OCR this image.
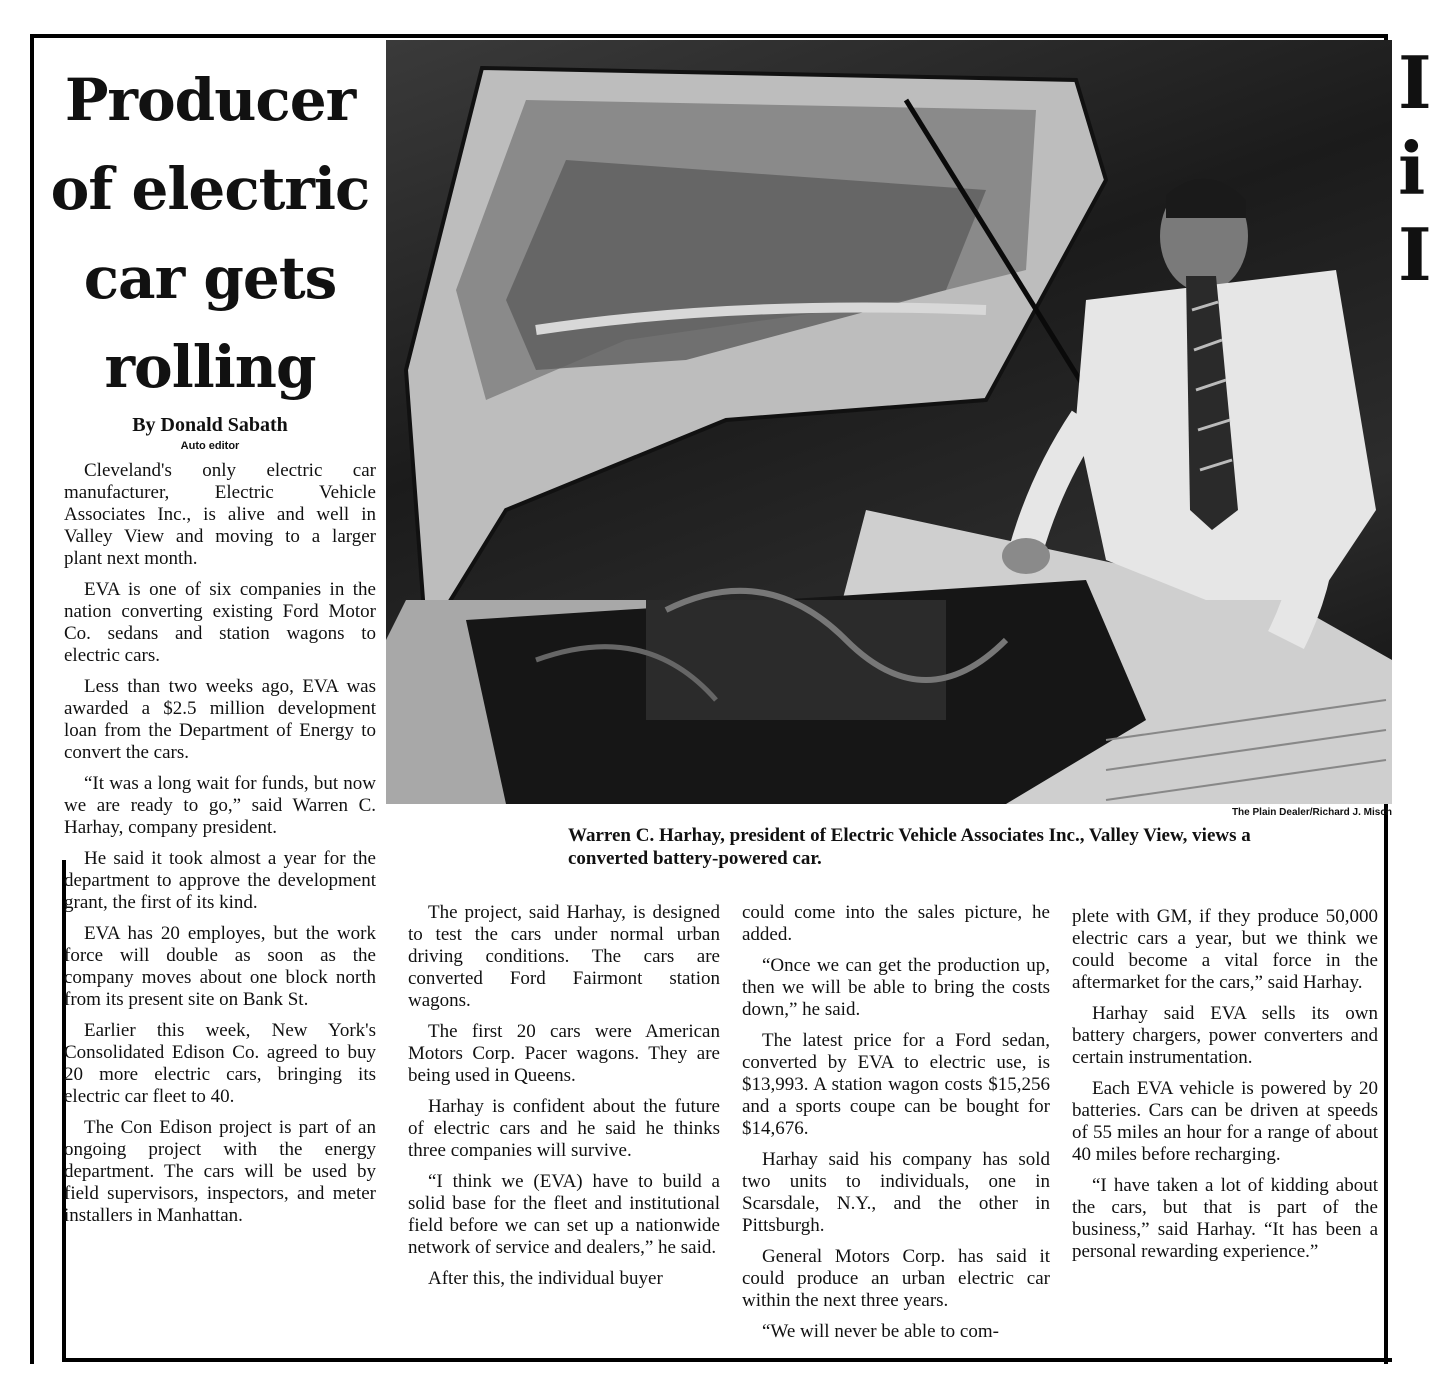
I
i
I
Producer of electric car gets rolling
By Donald Sabath
Auto editor
The Plain Dealer/Richard J. Misch
Warren C. Harhay, president of Electric Vehicle Associates Inc., Valley View, views a converted battery-powered car.

Cleveland's only electric car manufacturer, Electric Vehicle Associates Inc., is alive and well in Valley View and moving to a larger plant next month.

EVA is one of six companies in the nation converting existing Ford Motor Co. sedans and station wagons to electric cars.

Less than two weeks ago, EVA was awarded a $2.5 million development loan from the Department of Energy to convert the cars.

“It was a long wait for funds, but now we are ready to go,” said Warren C. Harhay, company president.

He said it took almost a year for the department to approve the development grant, the first of its kind.

EVA has 20 employes, but the work force will double as soon as the company moves about one block north from its present site on Bank St.

Earlier this week, New York's Consolidated Edison Co. agreed to buy 20 more electric cars, bringing its electric car fleet to 40.

The Con Edison project is part of an ongoing project with the energy department. The cars will be used by field supervisors, inspectors, and meter installers in Manhattan.

The project, said Harhay, is designed to test the cars under normal urban driving conditions. The cars are converted Ford Fairmont station wagons.

The first 20 cars were American Motors Corp. Pacer wagons. They are being used in Queens.

Harhay is confident about the future of electric cars and he said he thinks three companies will survive.

“I think we (EVA) have to build a solid base for the fleet and institutional field before we can set up a nationwide network of service and dealers,” he said.

After this, the individual buyer

could come into the sales picture, he added.

“Once we can get the production up, then we will be able to bring the costs down,” he said.

The latest price for a Ford sedan, converted by EVA to electric use, is $13,993. A station wagon costs $15,256 and a sports coupe can be bought for $14,676.

Harhay said his company has sold two units to individuals, one in Scarsdale, N.Y., and the other in Pittsburgh.

General Motors Corp. has said it could produce an urban electric car within the next three years.

“We will never be able to com-

plete with GM, if they produce 50,000 electric cars a year, but we think we could become a vital force in the aftermarket for the cars,” said Harhay.

Harhay said EVA sells its own battery chargers, power converters and certain instrumentation.

Each EVA vehicle is powered by 20 batteries. Cars can be driven at speeds of 55 miles an hour for a range of about 40 miles before recharging.

“I have taken a lot of kidding about the cars, but that is part of the business,” said Harhay. “It has been a personal rewarding experience.”
